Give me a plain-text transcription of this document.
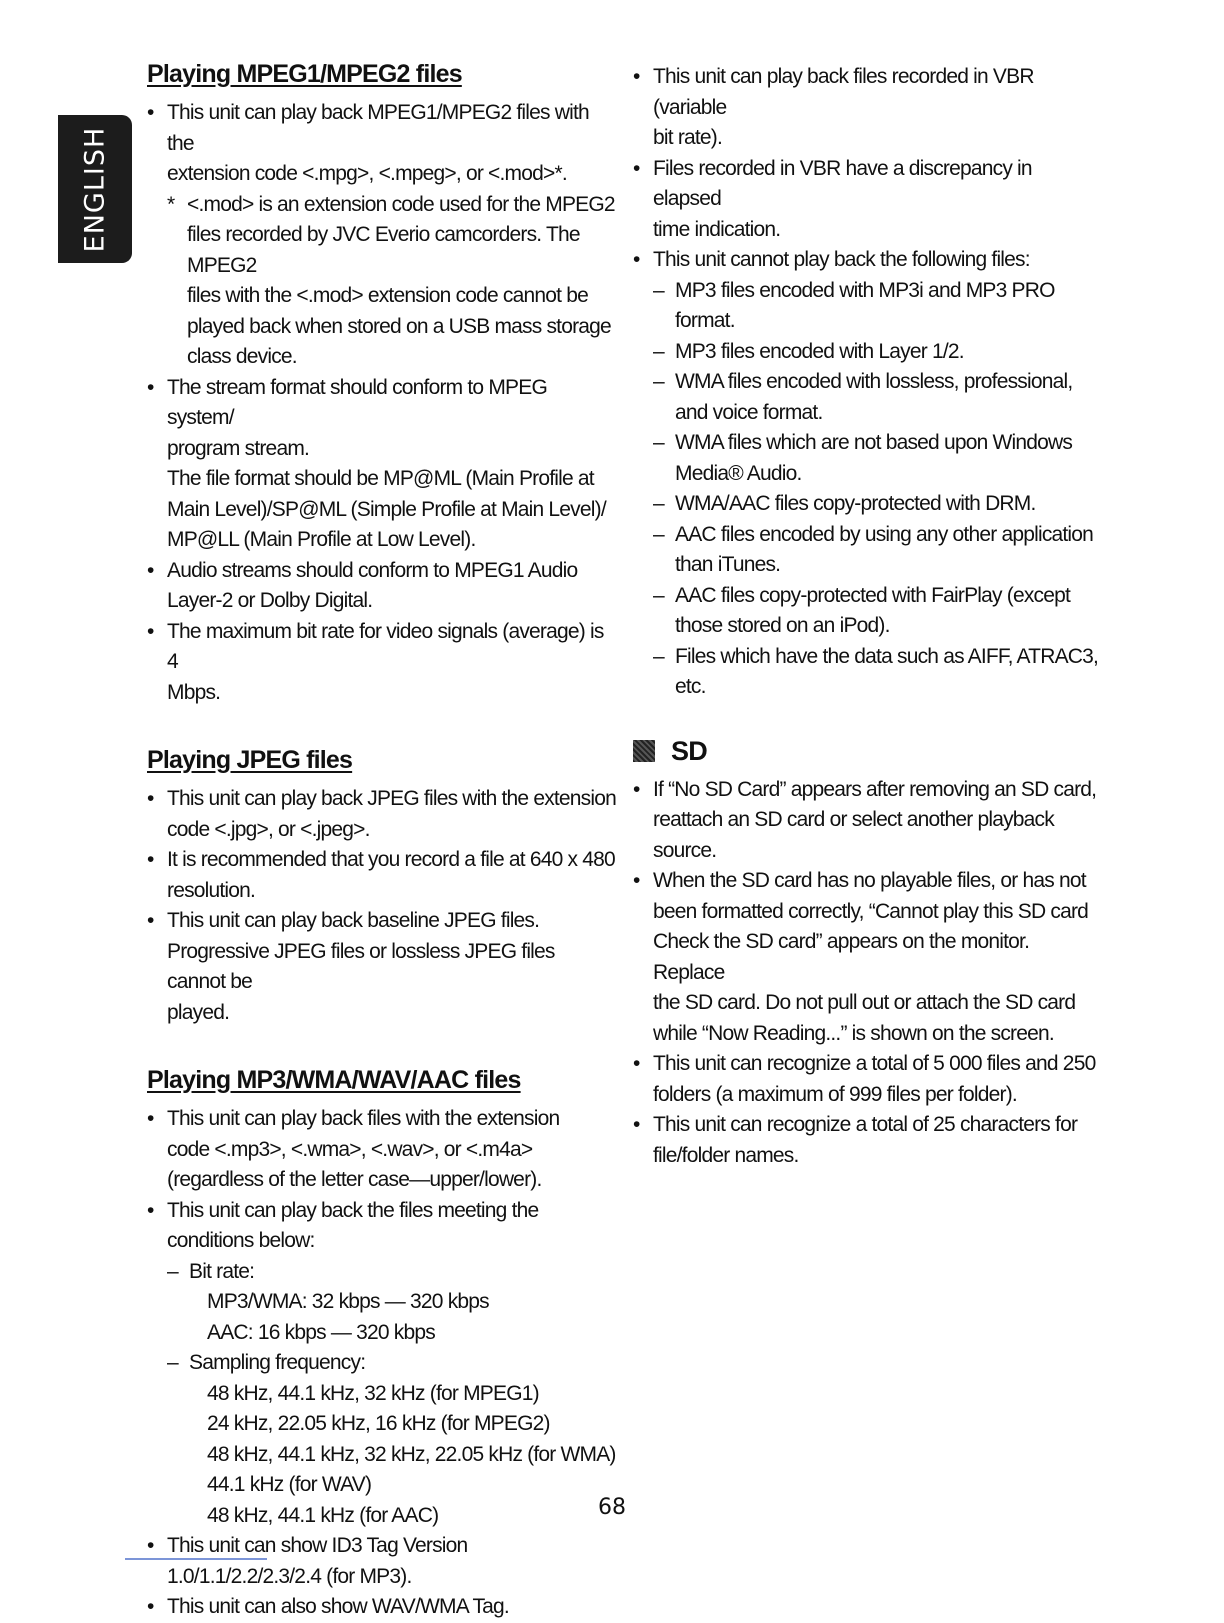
ENGLISH
Playing MPEG1/MPEG2 files
• This unit can play back MPEG1/MPEG2 files with the
extension code <.mpg>, <.mpeg>, or <.mod>*.
* <.mod> is an extension code used for the MPEG2
files recorded by JVC Everio camcorders. The MPEG2
files with the <.mod> extension code cannot be
played back when stored on a USB mass storage
class device.
• The stream format should conform to MPEG system/
program stream.
The file format should be MP@ML (Main Profile at
Main Level)/SP@ML (Simple Profile at Main Level)/
MP@LL (Main Profile at Low Level).
• Audio streams should conform to MPEG1 Audio
Layer-2 or Dolby Digital.
• The maximum bit rate for video signals (average) is 4
Mbps.
Playing JPEG files
• This unit can play back JPEG files with the extension
code <.jpg>, or <.jpeg>.
• It is recommended that you record a file at 640 x 480
resolution.
• This unit can play back baseline JPEG files.
Progressive JPEG files or lossless JPEG files cannot be
played.
Playing MP3/WMA/WAV/AAC files
• This unit can play back files with the extension
code <.mp3>, <.wma>, <.wav>, or <.m4a>
(regardless of the letter case—upper/lower).
• This unit can play back the files meeting the
conditions below:
– Bit rate:
MP3/WMA: 32 kbps — 320 kbps
AAC: 16 kbps — 320 kbps
– Sampling frequency:
48 kHz, 44.1 kHz, 32 kHz (for MPEG1)
24 kHz, 22.05 kHz, 16 kHz (for MPEG2)
48 kHz, 44.1 kHz, 32 kHz, 22.05 kHz (for WMA)
44.1 kHz (for WAV)
48 kHz, 44.1 kHz (for AAC)
• This unit can show ID3 Tag Version
1.0/1.1/2.2/2.3/2.4 (for MP3).
• This unit can also show WAV/WMA Tag.
• This unit can play back files recorded in VBR (variable
bit rate).
• Files recorded in VBR have a discrepancy in elapsed
time indication.
• This unit cannot play back the following files:
– MP3 files encoded with MP3i and MP3 PRO
format.
– MP3 files encoded with Layer 1/2.
– WMA files encoded with lossless, professional,
and voice format.
– WMA files which are not based upon Windows
Media® Audio.
– WMA/AAC files copy-protected with DRM.
– AAC files encoded by using any other application
than iTunes.
– AAC files copy-protected with FairPlay (except
those stored on an iPod).
– Files which have the data such as AIFF, ATRAC3,
etc.
SD
• If “No SD Card” appears after removing an SD card,
reattach an SD card or select another playback source.
• When the SD card has no playable files, or has not
been formatted correctly, “Cannot play this SD card
Check the SD card” appears on the monitor. Replace
the SD card. Do not pull out or attach the SD card
while “Now Reading...” is shown on the screen.
• This unit can recognize a total of 5 000 files and 250
folders (a maximum of 999 files per folder).
• This unit can recognize a total of 25 characters for
file/folder names.
68
